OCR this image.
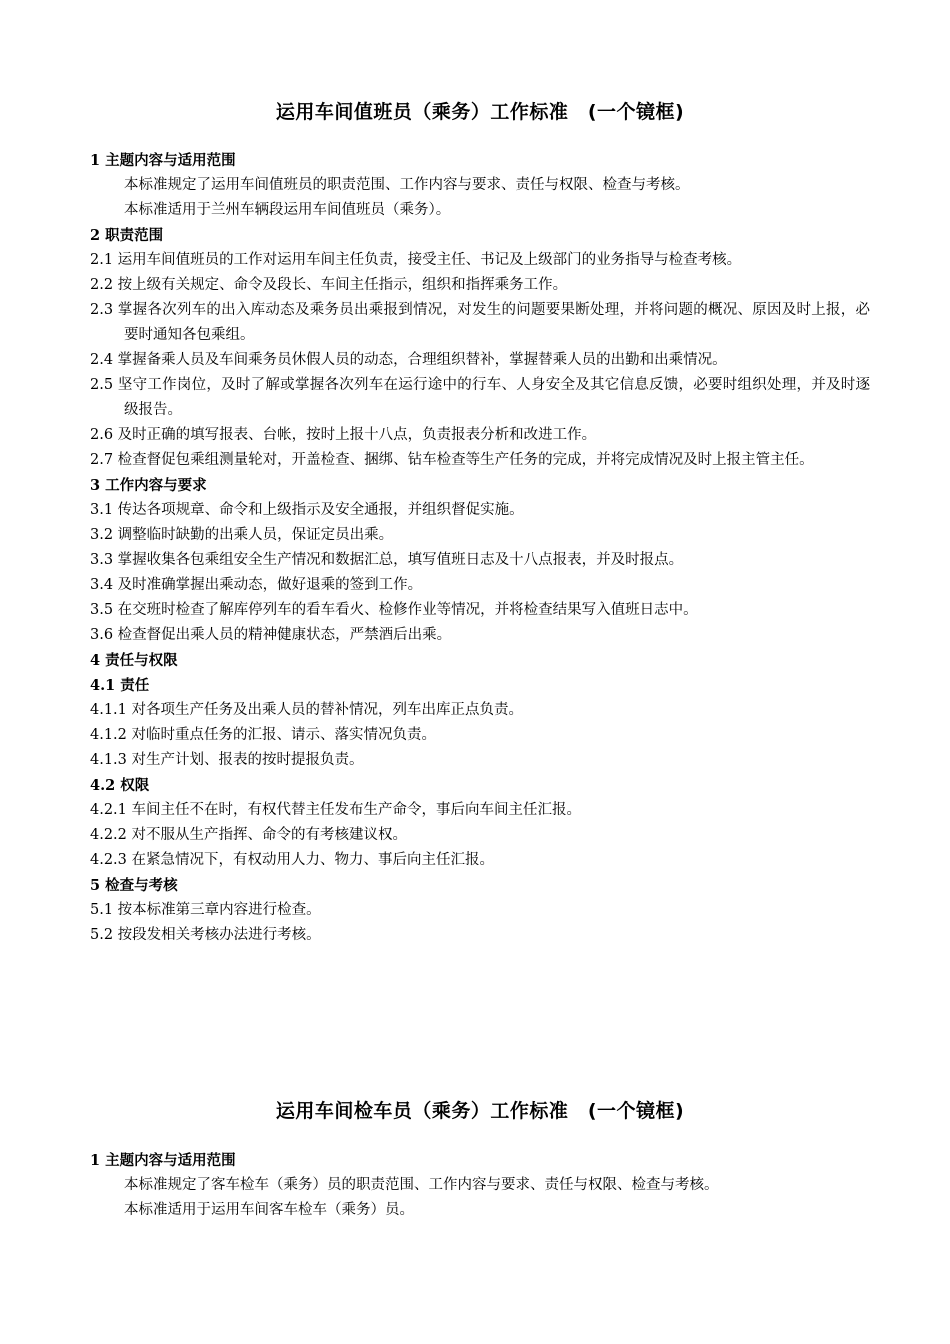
运用车间值班员（乘务）工作标准　(一个镜框)
1 主题内容与适用范围
本标准规定了运用车间值班员的职责范围、工作内容与要求、责任与权限、检查与考核。
本标准适用于兰州车辆段运用车间值班员（乘务）。
2 职责范围
2.1 运用车间值班员的工作对运用车间主任负责，接受主任、书记及上级部门的业务指导与检查考核。
2.2 按上级有关规定、命令及段长、车间主任指示，组织和指挥乘务工作。
2.3 掌握各次列车的出入库动态及乘务员出乘报到情况，对发生的问题要果断处理，并将问题的概况、原因及时上报，必要时通知各包乘组。
2.4 掌握备乘人员及车间乘务员休假人员的动态，合理组织替补，掌握替乘人员的出勤和出乘情况。
2.5 坚守工作岗位，及时了解或掌握各次列车在运行途中的行车、人身安全及其它信息反馈，必要时组织处理，并及时逐级报告。
2.6 及时正确的填写报表、台帐，按时上报十八点，负责报表分析和改进工作。
2.7 检查督促包乘组测量轮对，开盖检查、捆绑、钻车检查等生产任务的完成，并将完成情况及时上报主管主任。
3 工作内容与要求
3.1 传达各项规章、命令和上级指示及安全通报，并组织督促实施。
3.2 调整临时缺勤的出乘人员，保证定员出乘。
3.3 掌握收集各包乘组安全生产情况和数据汇总，填写值班日志及十八点报表，并及时报点。
3.4 及时准确掌握出乘动态，做好退乘的签到工作。
3.5 在交班时检查了解库停列车的看车看火、检修作业等情况，并将检查结果写入值班日志中。
3.6 检查督促出乘人员的精神健康状态，严禁酒后出乘。
4 责任与权限
4.1 责任
4.1.1 对各项生产任务及出乘人员的替补情况，列车出库正点负责。
4.1.2 对临时重点任务的汇报、请示、落实情况负责。
4.1.3 对生产计划、报表的按时提报负责。
4.2 权限
4.2.1 车间主任不在时，有权代替主任发布生产命令，事后向车间主任汇报。
4.2.2 对不服从生产指挥、命令的有考核建议权。
4.2.3 在紧急情况下，有权动用人力、物力、事后向主任汇报。
5 检查与考核
5.1 按本标准第三章内容进行检查。
5.2 按段发相关考核办法进行考核。
运用车间检车员（乘务）工作标准　(一个镜框)
1 主题内容与适用范围
本标准规定了客车检车（乘务）员的职责范围、工作内容与要求、责任与权限、检查与考核。
本标准适用于运用车间客车检车（乘务）员。
